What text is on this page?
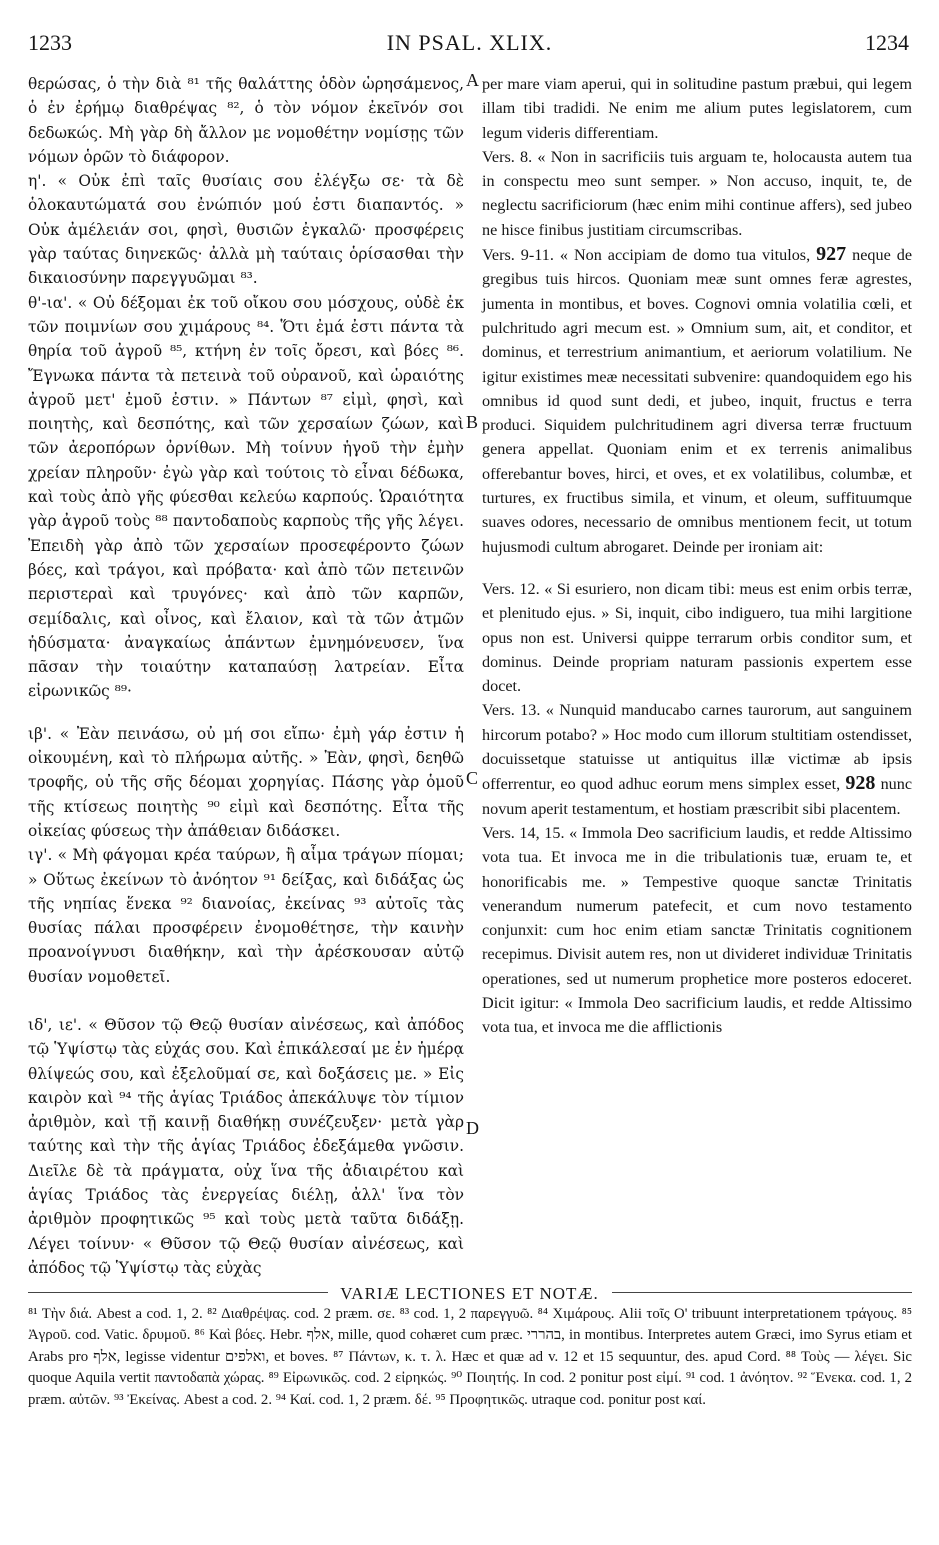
1233	IN PSAL. XLIX.	1234
A
B
C
D

θερώσας, ὁ τὴν διὰ ⁸¹ τῆς θαλάττης ὁδὸν ὡρησάμενος, ὁ ἐν ἐρήμῳ διαθρέψας ⁸², ὁ τὸν νόμον ἐκεῖνόν σοι δεδωκώς. Μὴ γὰρ δὴ ἄλλον με νομοθέτην νομίσῃς τῶν νόμων ὁρῶν τὸ διάφορον.

η'. « Οὐκ ἐπὶ ταῖς θυσίαις σου ἐλέγξω σε· τὰ δὲ ὁλοκαυτώματά σου ἐνώπιόν μού ἐστι διαπαντός. » Οὐκ ἀμέλειάν σοι, φησὶ, θυσιῶν ἐγκαλῶ· προσφέρεις γὰρ ταύτας διηνεκῶς· ἀλλὰ μὴ ταύταις ὁρίσασθαι τὴν δικαιοσύνην παρεγγυῶμαι ⁸³.

θ'-ια'. « Οὐ δέξομαι ἐκ τοῦ οἴκου σου μόσχους, οὐδὲ ἐκ τῶν ποιμνίων σου χιμάρους ⁸⁴. Ὅτι ἐμά ἐστι πάντα τὰ θηρία τοῦ ἀγροῦ ⁸⁵, κτήνη ἐν τοῖς ὄρεσι, καὶ βόες ⁸⁶. Ἔγνωκα πάντα τὰ πετεινὰ τοῦ οὐρανοῦ, καὶ ὡραιότης ἀγροῦ μετ' ἐμοῦ ἐστιν. » Πάντων ⁸⁷ εἰμὶ, φησὶ, καὶ ποιητὴς, καὶ δεσπότης, καὶ τῶν χερσαίων ζώων, καὶ τῶν ἀεροπόρων ὀρνίθων. Μὴ τοίνυν ἡγοῦ τὴν ἐμὴν χρείαν πληροῦν· ἐγὼ γὰρ καὶ τούτοις τὸ εἶναι δέδωκα, καὶ τοὺς ἀπὸ γῆς φύεσθαι κελεύω καρπούς. Ὡραιότητα γὰρ ἀγροῦ τοὺς ⁸⁸ παντοδαποὺς καρποὺς τῆς γῆς λέγει. Ἐπειδὴ γὰρ ἀπὸ τῶν χερσαίων προσεφέροντο ζώων βόες, καὶ τράγοι, καὶ πρόβατα· καὶ ἀπὸ τῶν πετεινῶν περιστεραὶ καὶ τρυγόνες· καὶ ἀπὸ τῶν καρπῶν, σεμίδαλις, καὶ οἶνος, καὶ ἔλαιον, καὶ τὰ τῶν ἀτμῶν ἡδύσματα· ἀναγκαίως ἁπάντων ἐμνημόνευσεν, ἵνα πᾶσαν τὴν τοιαύτην καταπαύσῃ λατρείαν. Εἶτα εἰρωνικῶς ⁸⁹·

ιβ'. « Ἐὰν πεινάσω, οὐ μή σοι εἴπω· ἐμὴ γάρ ἐστιν ἡ οἰκουμένη, καὶ τὸ πλήρωμα αὐτῆς. » Ἐὰν, φησὶ, δεηθῶ τροφῆς, οὐ τῆς σῆς δέομαι χορηγίας. Πάσης γὰρ ὁμοῦ τῆς κτίσεως ποιητὴς ⁹⁰ εἰμὶ καὶ δεσπότης. Εἶτα τῆς οἰκείας φύσεως τὴν ἀπάθειαν διδάσκει.

ιγ'. « Μὴ φάγομαι κρέα ταύρων, ἢ αἷμα τράγων πίομαι; » Οὕτως ἐκείνων τὸ ἀνόητον ⁹¹ δείξας, καὶ διδάξας ὡς τῆς νηπίας ἕνεκα ⁹² διανοίας, ἐκείνας ⁹³ αὐτοῖς τὰς θυσίας πάλαι προσφέρειν ἐνομοθέτησε, τὴν καινὴν προανοίγνυσι διαθήκην, καὶ τὴν ἀρέσκουσαν αὐτῷ θυσίαν νομοθετεῖ.

ιδ', ιε'. « Θῦσον τῷ Θεῷ θυσίαν αἰνέσεως, καὶ ἀπόδος τῷ Ὑψίστῳ τὰς εὐχάς σου. Καὶ ἐπικάλεσαί με ἐν ἡμέρᾳ θλίψεώς σου, καὶ ἐξελοῦμαί σε, καὶ δοξάσεις με. » Εἰς καιρὸν καὶ ⁹⁴ τῆς ἁγίας Τριάδος ἀπεκάλυψε τὸν τίμιον ἀριθμὸν, καὶ τῇ καινῇ διαθήκῃ συνέζευξεν· μετὰ γὰρ ταύτης καὶ τὴν τῆς ἁγίας Τριάδος ἐδεξάμεθα γνῶσιν. Διεῖλε δὲ τὰ πράγματα, οὐχ ἵνα τῆς ἀδιαιρέτου καὶ ἁγίας Τριάδος τὰς ἐνεργείας διέλῃ, ἀλλ' ἵνα τὸν ἀριθμὸν προφητικῶς ⁹⁵ καὶ τοὺς μετὰ ταῦτα διδάξῃ. Λέγει τοίνυν· « Θῦσον τῷ Θεῷ θυσίαν αἰνέσεως, καὶ ἀπόδος τῷ Ὑψίστῳ τὰς εὐχὰς

per mare viam aperui, qui in solitudine pastum præbui, qui legem illam tibi tradidi. Ne enim me alium putes legislatorem, cum legum videris differentiam.

Vers. 8. « Non in sacrificiis tuis arguam te, holocausta autem tua in conspectu meo sunt semper. » Non accuso, inquit, te, de neglectu sacrificiorum (hæc enim mihi continue affers), sed jubeo ne hisce finibus justitiam circumscribas.

Vers. 9-11. « Non accipiam de domo tua vitulos, 927 neque de gregibus tuis hircos. Quoniam meæ sunt omnes feræ agrestes, jumenta in montibus, et boves. Cognovi omnia volatilia cœli, et pulchritudo agri mecum est. » Omnium sum, ait, et conditor, et dominus, et terrestrium animantium, et aeriorum volatilium. Ne igitur existimes meæ necessitati subvenire: quandoquidem ego his omnibus id quod sunt dedi, et jubeo, inquit, fructus e terra produci. Siquidem pulchritudinem agri diversa terræ fructuum genera appellat. Quoniam enim et ex terrenis animalibus offerebantur boves, hirci, et oves, et ex volatilibus, columbæ, et turtures, ex fructibus simila, et vinum, et oleum, suffituumque suaves odores, necessario de omnibus mentionem fecit, ut totum hujusmodi cultum abrogaret. Deinde per ironiam ait:

Vers. 12. « Si esuriero, non dicam tibi: meus est enim orbis terræ, et plenitudo ejus. » Si, inquit, cibo indiguero, tua mihi largitione opus non est. Universi quippe terrarum orbis conditor sum, et dominus. Deinde propriam naturam passionis expertem esse docet.

Vers. 13. « Nunquid manducabo carnes taurorum, aut sanguinem hircorum potabo? » Hoc modo cum illorum stultitiam ostendisset, docuissetque statuisse ut antiquitus illæ victimæ ab ipsis offerrentur, eo quod adhuc eorum mens simplex esset, 928 nunc novum aperit testamentum, et hostiam præscribit sibi placentem.

Vers. 14, 15. « Immola Deo sacrificium laudis, et redde Altissimo vota tua. Et invoca me in die tribulationis tuæ, eruam te, et honorificabis me. » Tempestive quoque sanctæ Trinitatis venerandum numerum patefecit, et cum novo testamento conjunxit: cum hoc enim etiam sanctæ Trinitatis cognitionem recepimus. Divisit autem res, non ut divideret individuæ Trinitatis operationes, sed ut numerum prophetice more posteros edoceret. Dicit igitur: « Immola Deo sacrificium laudis, et redde Altissimo vota tua, et invoca me die afflictionis

VARIÆ LECTIONES ET NOTÆ.

⁸¹ Τὴν διά. Abest a cod. 1, 2. ⁸² Διαθρέψας. cod. 2 præm. σε. ⁸³ cod. 1, 2 παρεγγυῶ. ⁸⁴ Χιμάρους. Alii τοῖς Ο' tribuunt interpretationem τράγους. ⁸⁵ Ἀγροῦ. cod. Vatic. δρυμοῦ. ⁸⁶ Καὶ βόες. Hebr. אלף, mille, quod cohæret cum præc. בהררי, in montibus. Interpretes autem Græci, imo Syrus etiam et Arabs pro אלף, legisse videntur ואלפים, et boves. ⁸⁷ Πάντων, κ. τ. λ. Hæc et quæ ad v. 12 et 15 sequuntur, des. apud Cord. ⁸⁸ Τοὺς — λέγει. Sic quoque Aquila vertit παντοδαπὰ χώρας. ⁸⁹ Εἰρωνικῶς. cod. 2 εἰρηκώς. ⁹⁰ Ποιητής. In cod. 2 ponitur post εἰμί. ⁹¹ cod. 1 ἀνόητον. ⁹² Ἕνεκα. cod. 1, 2 præm. αὐτῶν. ⁹³ Ἐκείνας. Abest a cod. 2. ⁹⁴ Καί. cod. 1, 2 præm. δέ. ⁹⁵ Προφητικῶς. utraque cod. ponitur post καί.
